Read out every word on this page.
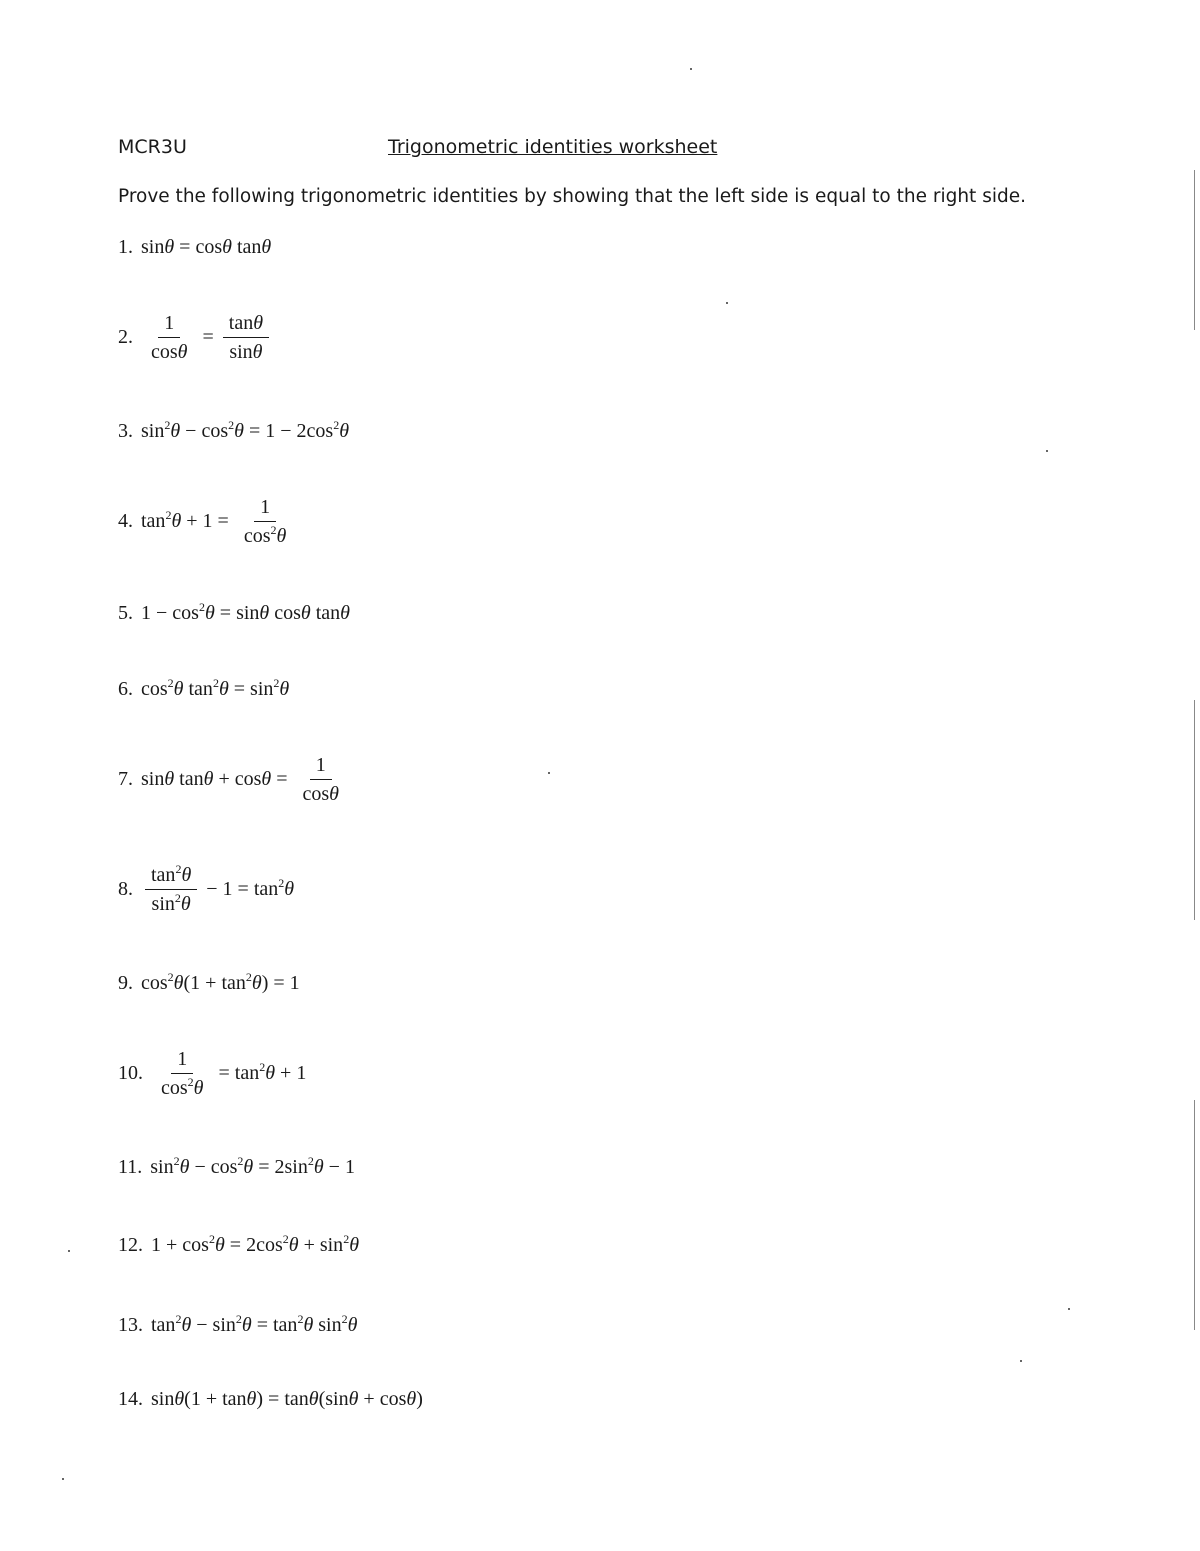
MCR3U	Trigonometric identities worksheet
Prove the following trigonometric identities by showing that the left side is equal to the right side.
1. sinθ = cosθ tanθ
2. $\frac{1}{\cos\theta} = \frac{\tan\theta}{\sin\theta}$
3. $\sin^2\theta - \cos^2\theta = 1 - 2\cos^2\theta$
4. $\tan^2\theta + 1 = \frac{1}{\cos^2\theta}$
5. $1 - \cos^2\theta = \sin\theta$ cosθ tanθ
6. $\cos^2\theta$ $\tan^2\theta = \sin^2\theta$
7. sinθ $\tan\theta + \cos\theta = \frac{1}{\cos\theta}$
8. $\frac{\tan^2\theta}{\sin^2\theta} - 1 = \tan^2\theta$
9. $\cos^2\theta(1 + \tan^2\theta) = 1$
10. $\frac{1}{\cos^2\theta} = \tan^2\theta + 1$
11. $\sin^2\theta - \cos^2\theta = 2\sin^2\theta - 1$
12. $1 + \cos^2\theta = 2\cos^2\theta + \sin^2\theta$
13. $\tan^2\theta - \sin^2\theta = \tan^2\theta$ $\sin^2\theta$
14. sinθ(1 + tanθ) = tanθ(sinθ + cosθ)
